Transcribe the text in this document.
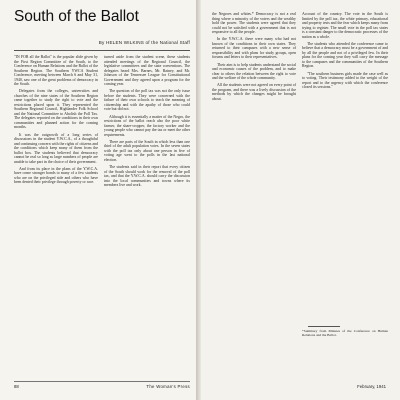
South of the Ballot
By HELEN WILKINS of the National Staff

"IN FOR all the Ballot" is the popular slide given by the First Region Committee of the South, to the Conference on Human Relations and the Ballot of the Southern Region. The Southern YWCA Student Conference, meeting between March 6 and May 31, 1940, saw one of the great problems of democracy in the South.

Delegates from the colleges, universities and churches of the nine states of the Southern Region came together to study the right to vote and the restrictions placed upon it. They represented the Southern Regional Council, Highlander Folk School and the National Committee to Abolish the Poll Tax. The delegates reported on the conditions in their own communities and planned action for the coming months.

It was the outgrowth of a long series of discussions in the student Y.W.C.A., of a thoughtful and continuing concern with the rights of citizens and the conditions which keep many of them from the ballot box. The students believed that democracy cannot be real so long as large numbers of people are unable to take part in the choice of their government.

And from its place in the plans of the Y.W.C.A. have come stronger bonds to many of a few students who are on the privileged side and others who have been denied their privilege through poverty or race.

turned aside from the student scene, these students attended meetings of the Regional Council, the legislative committees and the state conventions. The delegates heard Mrs. Barnes, Mr. Rainey, and Mr. Johnson of the Tennessee League for Constitutional Government and they agreed upon a program for the coming year.

The question of the poll tax was not the only issue before the students. They were concerned with the failure of their own schools to teach the meaning of citizenship and with the apathy of those who could vote but did not.

Although it is essentially a matter of the Negro, the restrictions of the ballot reach also the poor white farmer, the share-cropper, the factory worker and the young people who cannot pay the tax or meet the other requirements.

There are parts of the South in which less than one third of the adult population votes. In the seven states with the poll tax only about one person in five of voting age went to the polls in the last national election.

The students said in their report that every citizen of the South should work for the removal of the poll tax, and that the Y.W.C.A. should carry the discussion into the local communities and towns where its members live and work.

the Negroes and whites.* Democracy is not a real thing where a minority of the voters and the wealthy hold the power. The students were agreed that they could not be satisfied with a government that is not responsive to all the people.

In the Y.W.C.A. there were many who had not known of the conditions in their own states. They returned to their campuses with a new sense of responsibility and with plans for study groups, open forums and letters to their representatives.

Their aim is to help students understand the social and economic causes of the problem, and to make clear to others the relation between the right to vote and the welfare of the whole community.

All the students were not agreed on every point of the program, and there was a lively discussion of the methods by which the changes might be brought about.

Account of the country. The vote in the South is limited by the poll tax, the white primary, educational and property tests and the fear which keeps many from trying to register. The small vote in the poll tax states is a constant danger to the democratic processes of the nation as a whole.

The students who attended the conference came to believe that a democracy must be a government of and by all the people and not of a privileged few. In their plans for the coming year they will carry the message to the campuses and the communities of the Southern Region.

"The southern business girls made the case well as to voting. Their testimony added to the weight of the report and to the urgency with which the conference closed its sessions."

*Summary from Minutes of the Conference on Human Relations and the Ballot.

88	The Woman's Press	February, 1941
